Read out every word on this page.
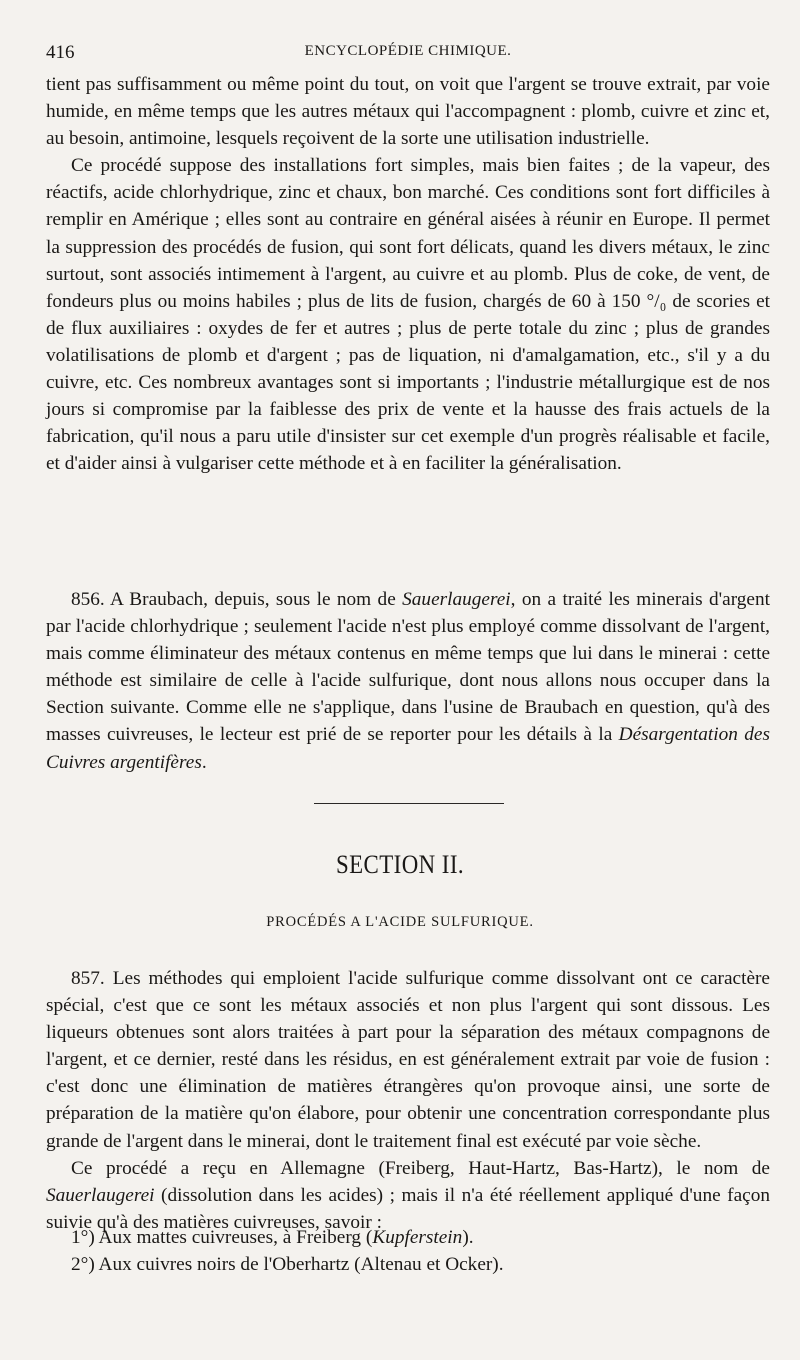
416	ENCYCLOPÉDIE CHIMIQUE.

tient pas suffisamment ou même point du tout, on voit que l'argent se trouve extrait, par voie humide, en même temps que les autres métaux qui l'accompagnent : plomb, cuivre et zinc et, au besoin, antimoine, lesquels reçoivent de la sorte une utilisation industrielle.

Ce procédé suppose des installations fort simples, mais bien faites ; de la vapeur, des réactifs, acide chlorhydrique, zinc et chaux, bon marché. Ces conditions sont fort difficiles à remplir en Amérique ; elles sont au contraire en général aisées à réunir en Europe. Il permet la suppression des procédés de fusion, qui sont fort délicats, quand les divers métaux, le zinc surtout, sont associés intimement à l'argent, au cuivre et au plomb. Plus de coke, de vent, de fondeurs plus ou moins habiles ; plus de lits de fusion, chargés de 60 à 150 °/₀ de scories et de flux auxiliaires : oxydes de fer et autres ; plus de perte totale du zinc ; plus de grandes volatilisations de plomb et d'argent ; pas de liquation, ni d'amalgamation, etc., s'il y a du cuivre, etc. Ces nombreux avantages sont si importants ; l'industrie métallurgique est de nos jours si compromise par la faiblesse des prix de vente et la hausse des frais actuels de la fabrication, qu'il nous a paru utile d'insister sur cet exemple d'un progrès réalisable et facile, et d'aider ainsi à vulgariser cette méthode et à en faciliter la généralisation.

856. A Braubach, depuis, sous le nom de Sauerlaugerei, on a traité les minerais d'argent par l'acide chlorhydrique ; seulement l'acide n'est plus employé comme dissolvant de l'argent, mais comme éliminateur des métaux contenus en même temps que lui dans le minerai : cette méthode est similaire de celle à l'acide sulfurique, dont nous allons nous occuper dans la Section suivante. Comme elle ne s'applique, dans l'usine de Braubach en question, qu'à des masses cuivreuses, le lecteur est prié de se reporter pour les détails à la Désargentation des Cuivres argentifères.

SECTION II.
PROCÉDÉS A L'ACIDE SULFURIQUE.

857. Les méthodes qui emploient l'acide sulfurique comme dissolvant ont ce caractère spécial, c'est que ce sont les métaux associés et non plus l'argent qui sont dissous. Les liqueurs obtenues sont alors traitées à part pour la séparation des métaux compagnons de l'argent, et ce dernier, resté dans les résidus, en est généralement extrait par voie de fusion : c'est donc une élimination de matières étrangères qu'on provoque ainsi, une sorte de préparation de la matière qu'on élabore, pour obtenir une concentration correspondante plus grande de l'argent dans le minerai, dont le traitement final est exécuté par voie sèche.

Ce procédé a reçu en Allemagne (Freiberg, Haut-Hartz, Bas-Hartz), le nom de Sauerlaugerei (dissolution dans les acides) ; mais il n'a été réellement appliqué d'une façon suivie qu'à des matières cuivreuses, savoir :

1°) Aux mattes cuivreuses, à Freiberg (Kupferstein).
2°) Aux cuivres noirs de l'Oberhartz (Altenau et Ocker).
